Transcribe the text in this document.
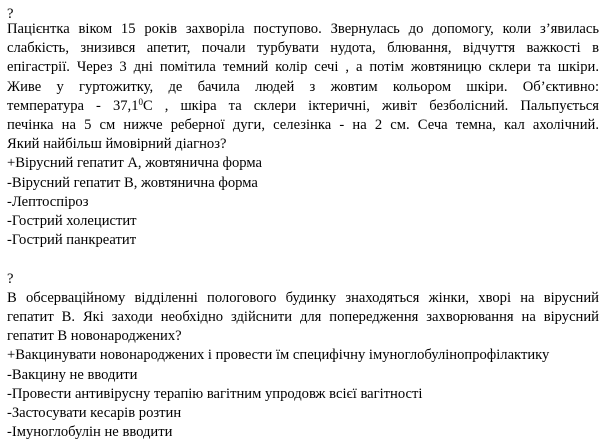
?

Пацієнтка віком 15 років захворіла поступово. Звернулась до допомогу, коли з’явилась

слабкість, знизився апетит, почали турбувати нудота, блювання, відчуття важкості в

епігастрії. Через 3 дні помітила темний колір сечі , а потім жовтяницю склери та шкіри.

Живе у гуртожитку, де бачила людей з жовтим кольором шкіри. Об’єктивно:

температура - 37,1$^0$С , шкіра та склери іктеричні, живіт безболісний. Пальпується

печінка на 5 см нижче реберної дуги, селезінка - на 2 см. Сеча темна, кал ахолічний.

Який найбільш ймовірний діагноз?

+Вірусний гепатит А, жовтянична форма

-Вірусний гепатит В, жовтянична форма

-Лептоспіроз

-Гострий холецистит

-Гострий панкреатит

?

В обсерваційному відділенні пологового будинку знаходяться жінки, хворі на вірусний

гепатит В. Які заходи необхідно здійснити для попередження захворювання на вірусний

гепатит В новонароджених?

+Вакцинувати новонароджених і провести їм специфічну імуноглобулінопрофілактику

-Вакцину не вводити

-Провести антивірусну терапію вагітним упродовж всієї вагітності

-Застосувати кесарів розтин

-Імуноглобулін не вводити
